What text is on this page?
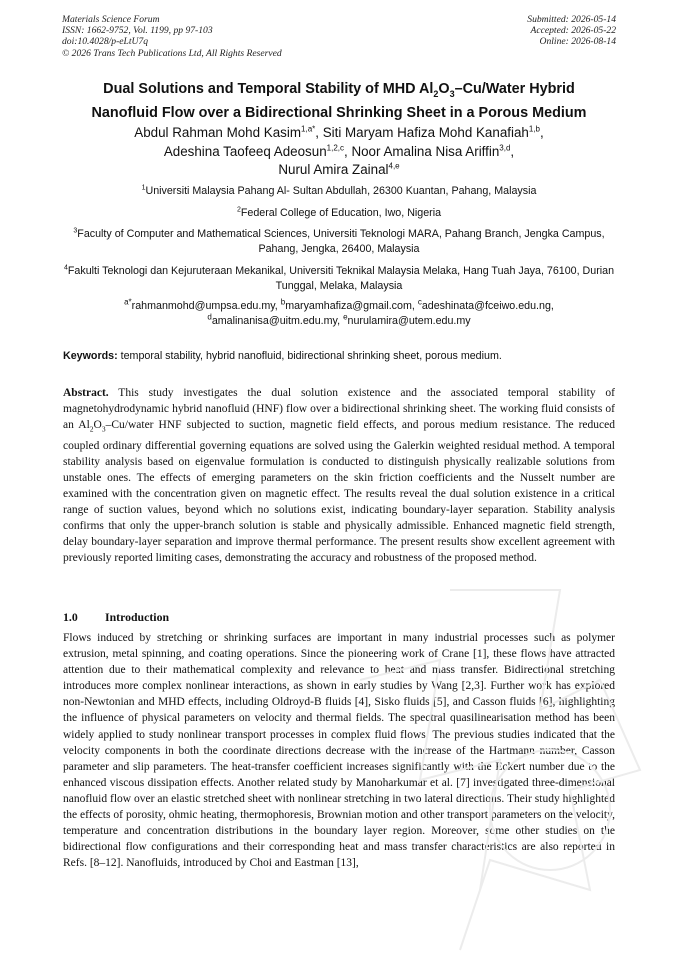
Materials Science Forum
ISSN: 1662-9752, Vol. 1199, pp 97-103
doi:10.4028/p-eLtU7q
© 2026 Trans Tech Publications Ltd, All Rights Reserved
Submitted: 2026-05-14
Accepted: 2026-05-22
Online: 2026-08-14
Dual Solutions and Temporal Stability of MHD $Al_2O_3-Cu$/Water Hybrid
Nanofluid Flow over a Bidirectional Shrinking Sheet in a Porous Medium
Abdul Rahman Mohd Kasim$^{1,a*}$, Siti Maryam Hafiza Mohd Kanafiah$^{1,b}$,
Adeshina Taofeeq Adeosun$^{1,2,c}$, Noor Amalina Nisa Ariffin$^{3,d}$,
Nurul Amira Zainal$^{4,e}$
$^1$Universiti Malaysia Pahang Al- Sultan Abdullah, 26300 Kuantan, Pahang, Malaysia
$^2$Federal College of Education, Iwo, Nigeria
$^3$Faculty of Computer and Mathematical Sciences, Universiti Teknologi MARA, Pahang Branch, Jengka Campus, Pahang, Jengka, 26400, Malaysia
$^4$Fakulti Teknologi dan Kejuruteraan Mekanikal, Universiti Teknikal Malaysia Melaka, Hang Tuah Jaya, 76100, Durian Tunggal, Melaka, Malaysia
$^{a*}$rahmanmohd@umpsa.edu.my, $^b$maryamhafiza@gmail.com, $^c$adeshinata@fceiwo.edu.ng,
$^d$amalinanisa@uitm.edu.my, $^e$nurulamira@utem.edu.my
Keywords: temporal stability, hybrid nanofluid, bidirectional shrinking sheet, porous medium.
Abstract. This study investigates the dual solution existence and the associated temporal stability of magnetohydrodynamic hybrid nanofluid (HNF) flow over a bidirectional shrinking sheet. The working fluid consists of an $Al_2O_3-Cu$/water HNF subjected to suction, magnetic field effects, and porous medium resistance. The reduced coupled ordinary differential governing equations are solved using the Galerkin weighted residual method. A temporal stability analysis based on eigenvalue formulation is conducted to distinguish physically realizable solutions from unstable ones. The effects of emerging parameters on the skin friction coefficients and the Nusselt number are examined with the concentration given on magnetic effect. The results reveal the dual solution existence in a critical range of suction values, beyond which no solutions exist, indicating boundary-layer separation. Stability analysis confirms that only the upper-branch solution is stable and physically admissible. Enhanced magnetic field strength, delay boundary-layer separation and improve thermal performance. The present results show excellent agreement with previously reported limiting cases, demonstrating the accuracy and robustness of the proposed method.
1.0 Introduction
Flows induced by stretching or shrinking surfaces are important in many industrial processes such as polymer extrusion, metal spinning, and coating operations. Since the pioneering work of Crane [1], these flows have attracted attention due to their mathematical complexity and relevance to heat and mass transfer. Bidirectional stretching introduces more complex nonlinear interactions, as shown in early studies by Wang [2,3]. Further work has explored non-Newtonian and MHD effects, including Oldroyd-B fluids [4], Sisko fluids [5], and Casson fluids [6], highlighting the influence of physical parameters on velocity and thermal fields. The spectral quasilinearisation method has been widely applied to study nonlinear transport processes in complex fluid flows. The previous studies indicated that the velocity components in both the coordinate directions decrease with the increase of the Hartmann number, Casson parameter and slip parameters. The heat-transfer coefficient increases significantly with the Eckert number due to the enhanced viscous dissipation effects. Another related study by Manoharkumar et al. [7] investigated three-dimensional nanofluid flow over an elastic stretched sheet with nonlinear stretching in two lateral directions. Their study highlighted the effects of porosity, ohmic heating, thermophoresis, Brownian motion and other transport parameters on the velocity, temperature and concentration distributions in the boundary layer region. Moreover, some other studies on the bidirectional flow configurations and their corresponding heat and mass transfer characteristics are also reported in Refs. [8–12]. Nanofluids, introduced by Choi and Eastman [13],
